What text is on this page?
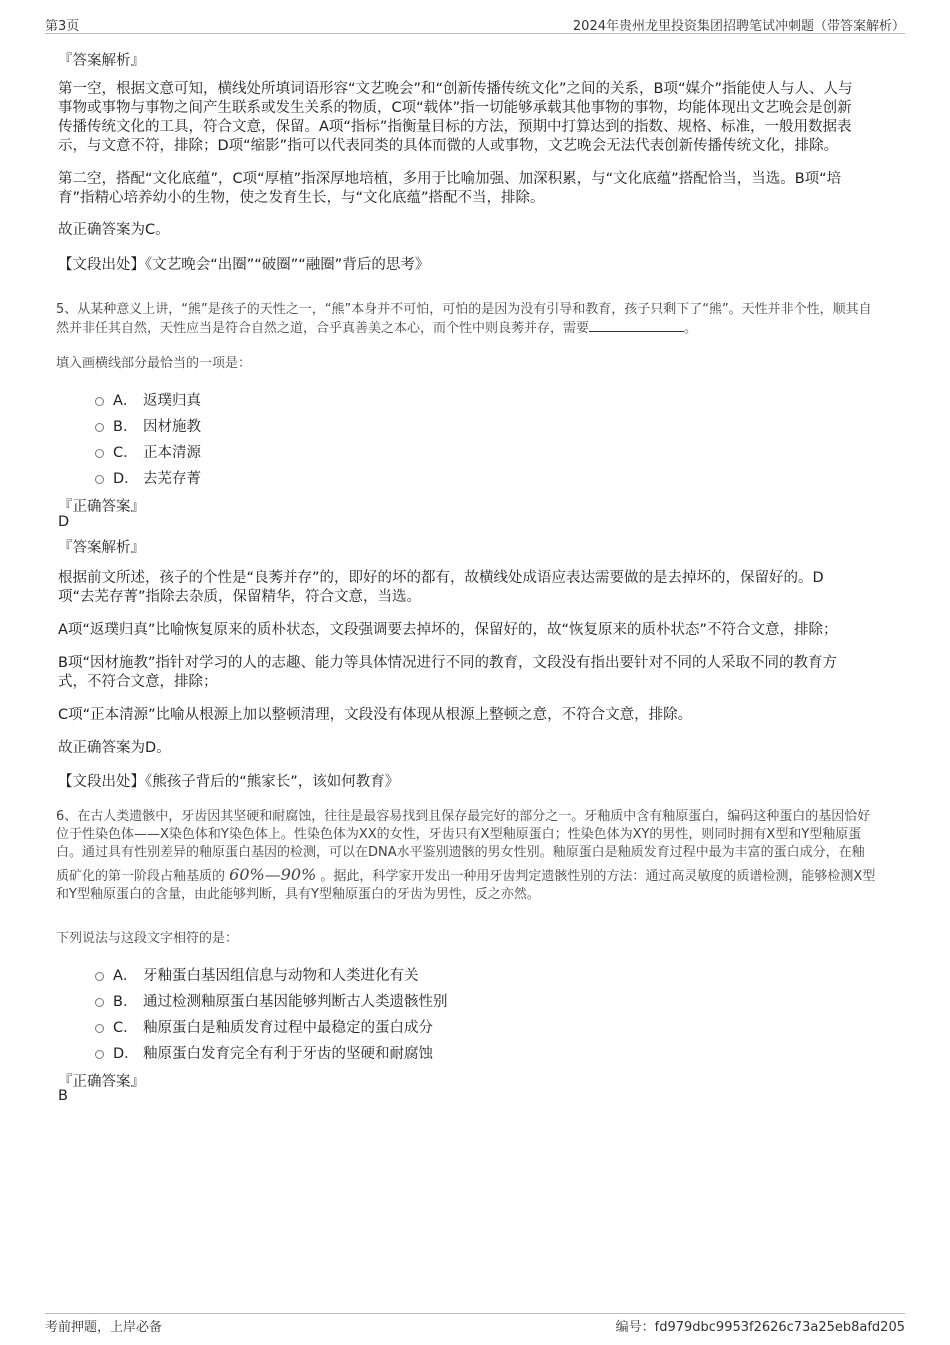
第3页	2024年贵州龙里投资集团招聘笔试冲刺题（带答案解析）
『答案解析』
第一空，根据文意可知，横线处所填词语形容“文艺晚会”和“创新传播传统文化”之间的关系，B项“媒介”指能使人与人、人与
事物或事物与事物之间产生联系或发生关系的物质，C项“载体”指一切能够承载其他事物的事物，均能体现出文艺晚会是创新
传播传统文化的工具，符合文意，保留。A项“指标”指衡量目标的方法，预期中打算达到的指数、规格、标准，一般用数据表
示，与文意不符，排除；D项“缩影”指可以代表同类的具体而微的人或事物，文艺晚会无法代表创新传播传统文化，排除。
第二空，搭配“文化底蕴”，C项“厚植”指深厚地培植，多用于比喻加强、加深积累，与“文化底蕴”搭配恰当，当选。B项“培
育”指精心培养幼小的生物，使之发育生长，与“文化底蕴”搭配不当，排除。
故正确答案为C。
【文段出处】《文艺晚会“出圈”“破圈”“融圈”背后的思考》
5、从某种意义上讲，“熊”是孩子的天性之一，“熊”本身并不可怕，可怕的是因为没有引导和教育，孩子只剩下了“熊”。天性并非个性，顺其自
然并非任其自然，天性应当是符合自然之道，合乎真善美之本心，而个性中则良莠并存，需要	。
填入画横线部分最恰当的一项是：
A． 返璞归真
B． 因材施教
C． 正本清源
D． 去芜存菁
『正确答案』
D
『答案解析』
根据前文所述，孩子的个性是“良莠并存”的，即好的坏的都有，故横线处成语应表达需要做的是去掉坏的，保留好的。D
项“去芜存菁”指除去杂质，保留精华，符合文意，当选。
A项“返璞归真”比喻恢复原来的质朴状态，文段强调要去掉坏的，保留好的，故“恢复原来的质朴状态”不符合文意，排除；
B项“因材施教”指针对学习的人的志趣、能力等具体情况进行不同的教育，文段没有指出要针对不同的人采取不同的教育方
式，不符合文意，排除；
C项“正本清源”比喻从根源上加以整顿清理，文段没有体现从根源上整顿之意，不符合文意，排除。
故正确答案为D。
【文段出处】《熊孩子背后的“熊家长”，该如何教育》
6、在古人类遗骸中，牙齿因其坚硬和耐腐蚀，往往是最容易找到且保存最完好的部分之一。牙釉质中含有釉原蛋白，编码这种蛋白的基因恰好
位于性染色体——X染色体和Y染色体上。性染色体为XX的女性，牙齿只有X型釉原蛋白；性染色体为XY的男性，则同时拥有X型和Y型釉原蛋
白。通过具有性别差异的釉原蛋白基因的检测，可以在DNA水平鉴别遗骸的男女性别。釉原蛋白是釉质发育过程中最为丰富的蛋白成分，在釉
质矿化的第一阶段占釉基质的 60%—90% 。据此，科学家开发出一种用牙齿判定遗骸性别的方法：通过高灵敏度的质谱检测，能够检测X型
和Y型釉原蛋白的含量，由此能够判断，具有Y型釉原蛋白的牙齿为男性，反之亦然。
下列说法与这段文字相符的是：
A． 牙釉蛋白基因组信息与动物和人类进化有关
B． 通过检测釉原蛋白基因能够判断古人类遗骸性别
C． 釉原蛋白是釉质发育过程中最稳定的蛋白成分
D． 釉原蛋白发育完全有利于牙齿的坚硬和耐腐蚀
『正确答案』
B
考前押题，上岸必备	编号：fd979dbc9953f2626c73a25eb8afd205
